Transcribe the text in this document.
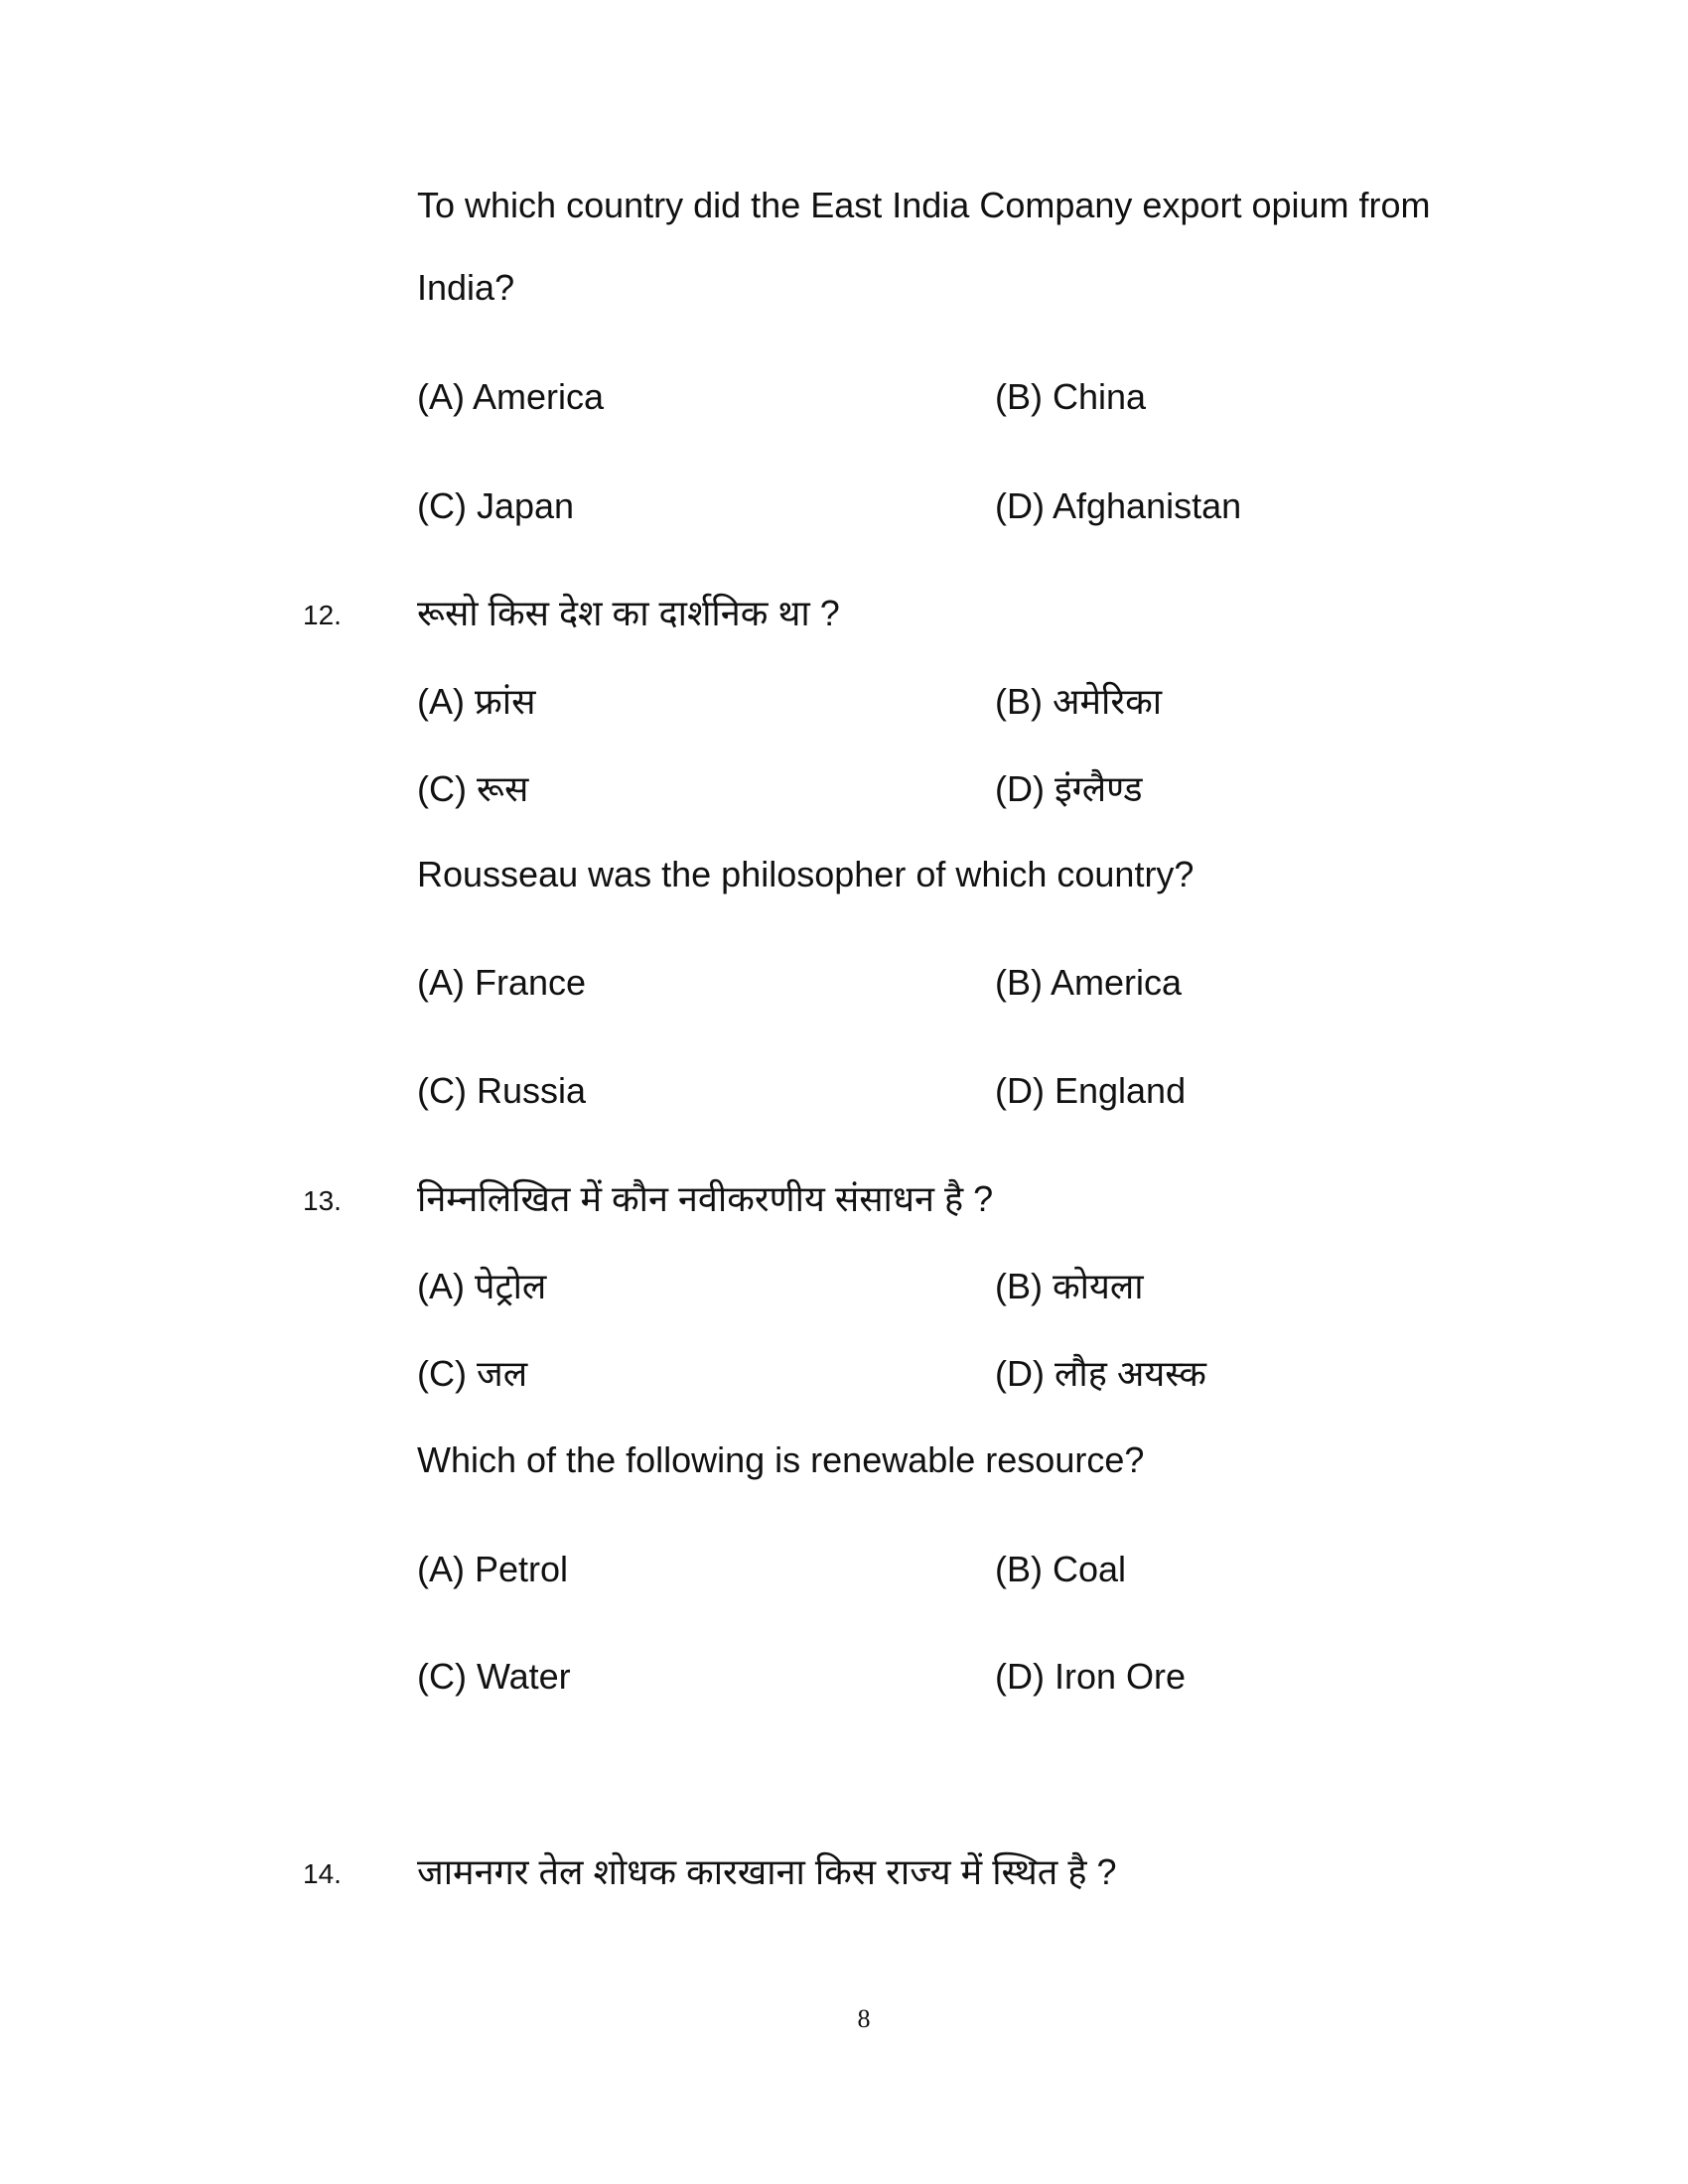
To which country did the East India Company export opium from
India?
(A) America	(B) China
(C) Japan	(D) Afghanistan
12. रूसो किस देश का दार्शनिक था ?
(A) फ्रांस	(B) अमेरिका
(C) रूस	(D) इंग्लैण्ड
Rousseau was the philosopher of which country?
(A) France	(B) America
(C) Russia	(D) England
13. निम्नलिखित में कौन नवीकरणीय संसाधन है ?
(A) पेट्रोल	(B) कोयला
(C) जल	(D) लौह अयस्क
Which of the following is renewable resource?
(A) Petrol	(B) Coal
(C) Water	(D) Iron Ore
14. जामनगर तेल शोधक कारखाना किस राज्य में स्थित है ?
8
